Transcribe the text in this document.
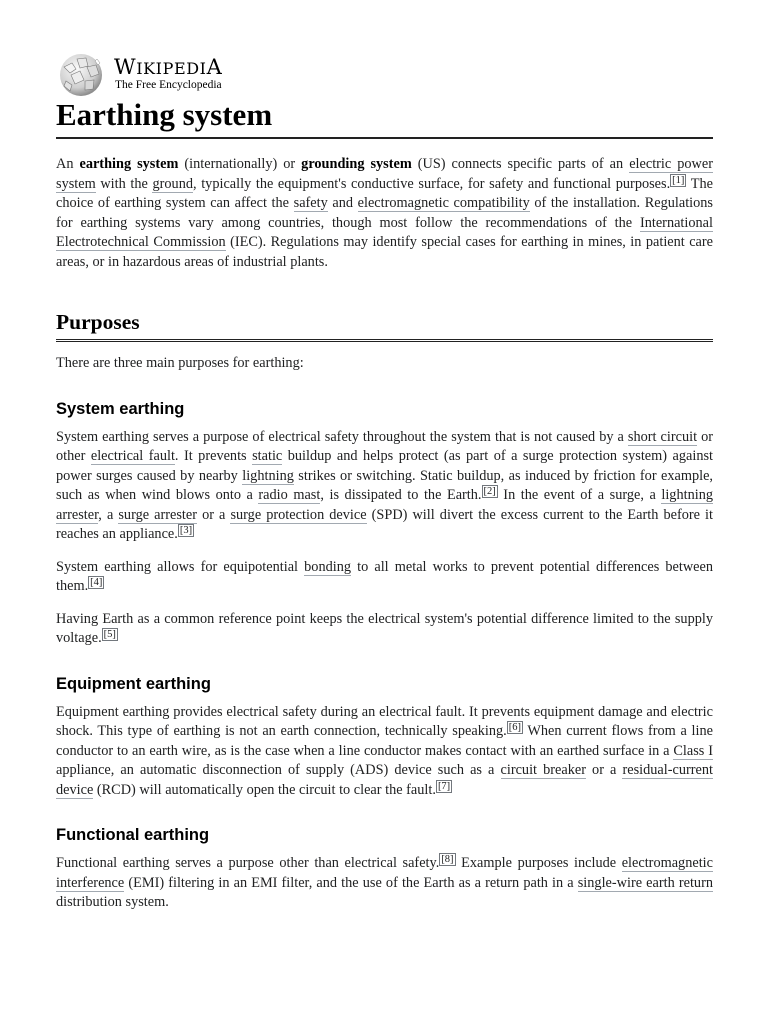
WIKIPEDIA
The Free Encyclopedia
Earthing system

An earthing system (internationally) or grounding system (US) connects specific parts of an electric power system with the ground, typically the equipment's conductive surface, for safety and functional purposes. [1] The choice of earthing system can affect the safety and electromagnetic compatibility of the installation. Regulations for earthing systems vary among countries, though most follow the recommendations of the International Electrotechnical Commission (IEC). Regulations may identify special cases for earthing in mines, in patient care areas, or in hazardous areas of industrial plants.

Purposes

There are three main purposes for earthing:

System earthing

System earthing serves a purpose of electrical safety throughout the system that is not caused by a short circuit or other electrical fault. It prevents static buildup and helps protect (as part of a surge protection system) against power surges caused by nearby lightning strikes or switching. Static buildup, as induced by friction for example, such as when wind blows onto a radio mast, is dissipated to the Earth. [2] In the event of a surge, a lightning arrester, a surge arrester or a surge protection device (SPD) will divert the excess current to the Earth before it reaches an appliance. [3]

System earthing allows for equipotential bonding to all metal works to prevent potential differences between them. [4]

Having Earth as a common reference point keeps the electrical system's potential difference limited to the supply voltage. [5]

Equipment earthing

Equipment earthing provides electrical safety during an electrical fault. It prevents equipment damage and electric shock. This type of earthing is not an earth connection, technically speaking. [6] When current flows from a line conductor to an earth wire, as is the case when a line conductor makes contact with an earthed surface in a Class I appliance, an automatic disconnection of supply (ADS) device such as a circuit breaker or a residual-current device (RCD) will automatically open the circuit to clear the fault. [7]

Functional earthing

Functional earthing serves a purpose other than electrical safety. [8] Example purposes include electromagnetic interference (EMI) filtering in an EMI filter, and the use of the Earth as a return path in a single-wire earth return distribution system.
